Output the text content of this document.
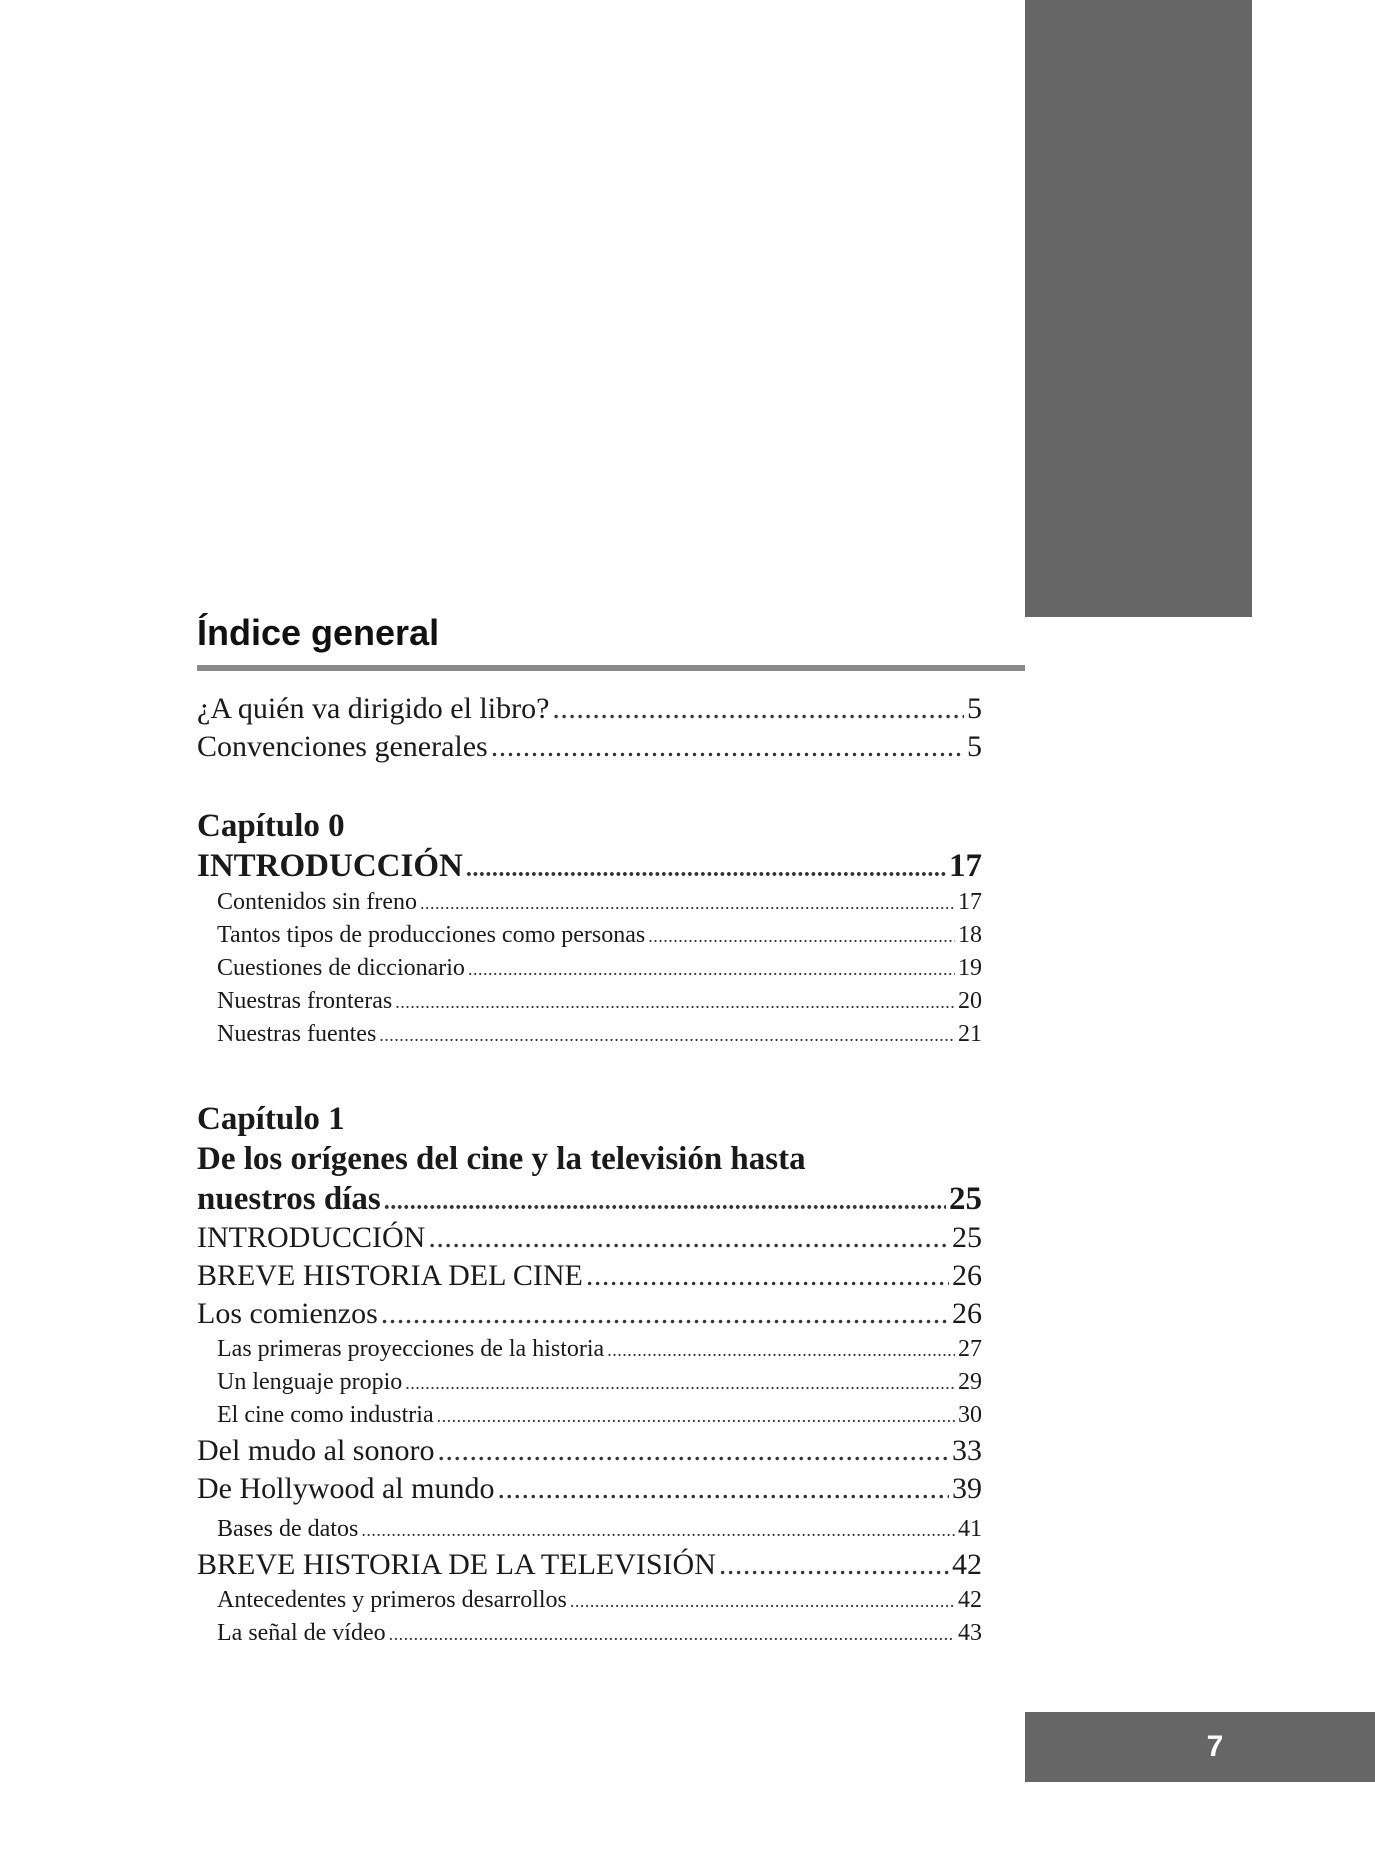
Índice general
¿A quién va dirigido el libro? .....	5
Convenciones generales .....	5

Capítulo 0

INTRODUCCIÓN .....	17
Contenidos sin freno .....	17
Tantos tipos de producciones como personas .....	18
Cuestiones de diccionario .....	19
Nuestras fronteras .....	20
Nuestras fuentes .....	21

Capítulo 1

De los orígenes del cine y la televisión hasta

nuestros días .....	25
INTRODUCCIÓN .....	25
BREVE HISTORIA DEL CINE .....	26
Los comienzos .....	26
Las primeras proyecciones de la historia .....	27
Un lenguaje propio .....	29
El cine como industria .....	30
Del mudo al sonoro .....	33
De Hollywood al mundo .....	39
Bases de datos .....	41
BREVE HISTORIA DE LA TELEVISIÓN .....	42
Antecedentes y primeros desarrollos .....	42
La señal de vídeo .....	43
7
